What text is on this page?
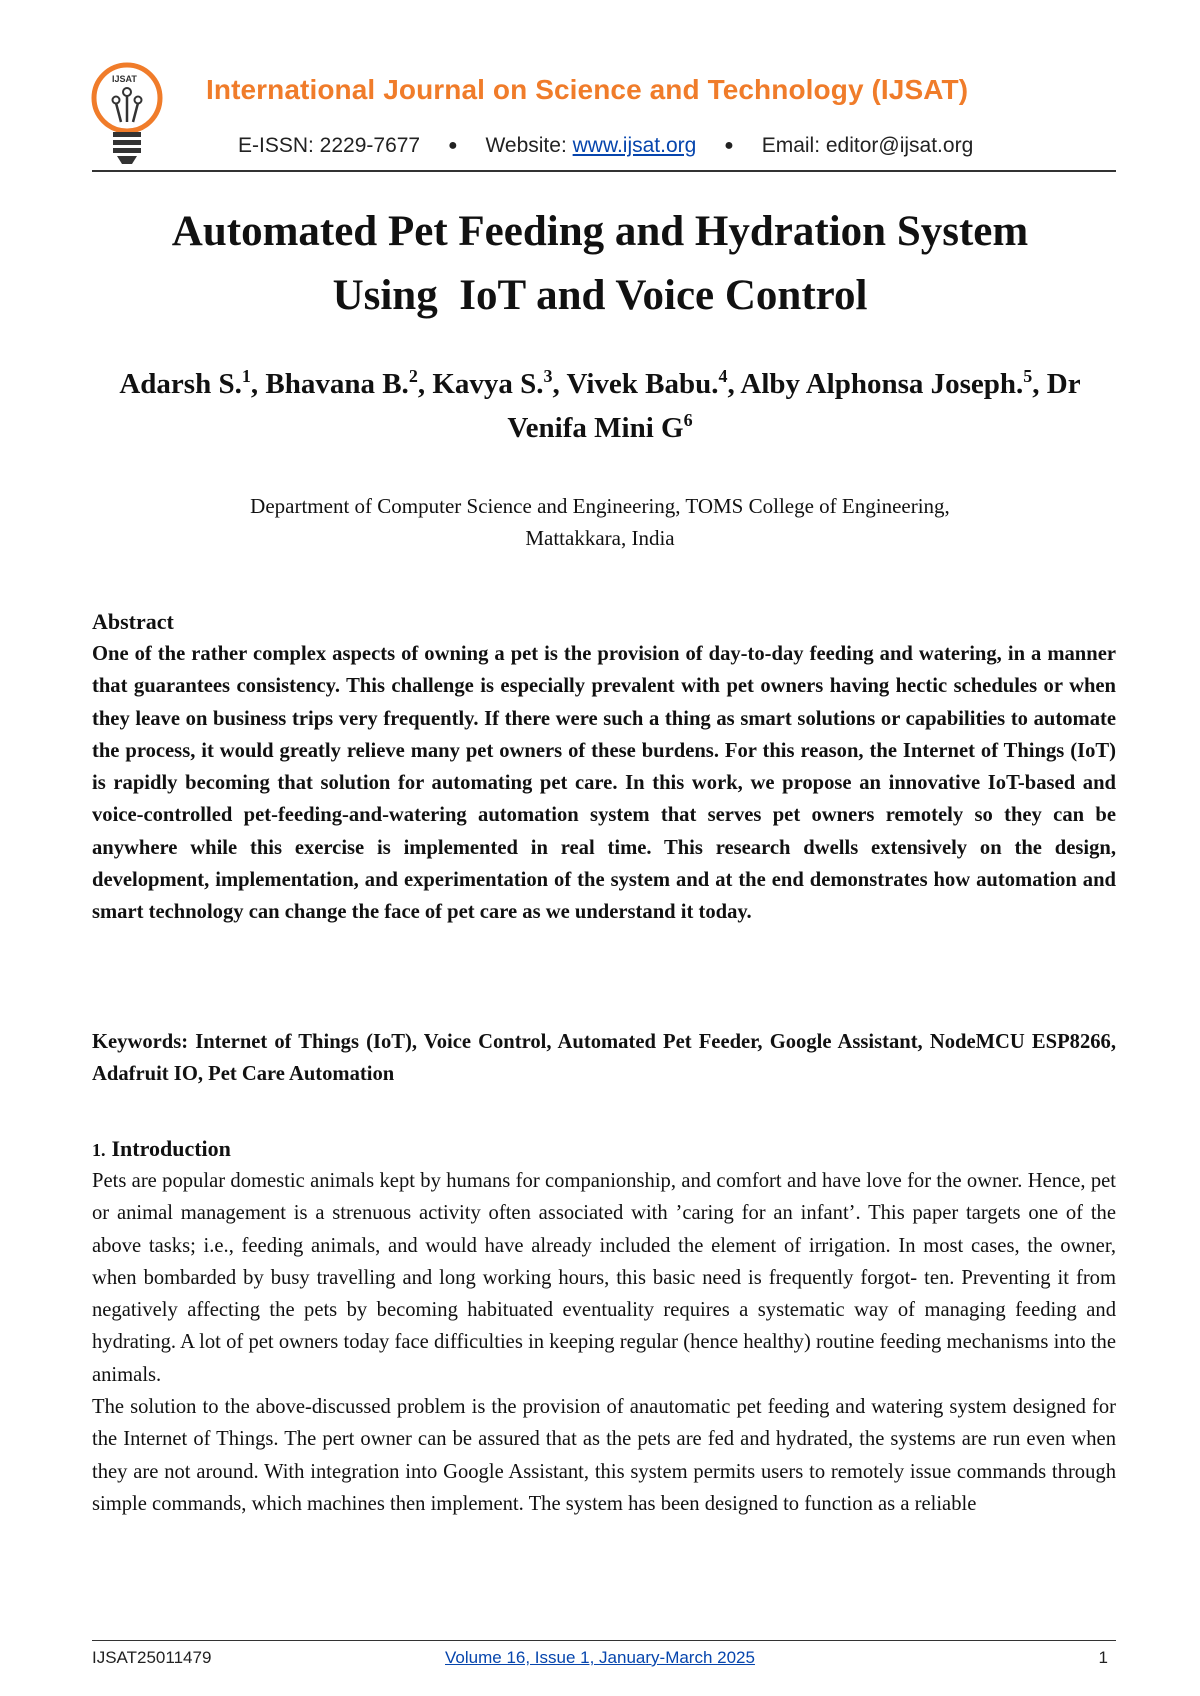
IJSAT International Journal on Science and Technology (IJSAT)
E-ISSN: 2229-7677 ● Website: www.ijsat.org ● Email: editor@ijsat.org
Automated Pet Feeding and Hydration System
Using  IoT and Voice Control
Adarsh S.$^1$, Bhavana B.$^2$, Kavya S.$^3$, Vivek Babu.$^4$, Alby Alphonsa Joseph.$^5$, Dr Venifa Mini $G^6$
Department of Computer Science and Engineering, TOMS College of Engineering,
Mattakkara, India
Abstract
One of the rather complex aspects of owning a pet is the provision of day-to-day feeding and watering, in a manner that guarantees consistency. This challenge is especially prevalent with pet owners having hectic schedules or when they leave on business trips very frequently. If there were such a thing as smart solutions or capabilities to automate the process, it would greatly relieve many pet owners of these burdens. For this reason, the Internet of Things (IoT) is rapidly becoming that solution for automating pet care. In this work, we propose an innovative IoT-based and voice-controlled pet-feeding-and-watering automation system that serves pet owners remotely so they can be anywhere while this exercise is implemented in real time. This research dwells extensively on the design, development, implementation, and experimentation of the system and at the end demonstrates how automation and smart technology can change the face of pet care as we understand it today.
Keywords: Internet of Things (IoT), Voice Control, Automated Pet Feeder, Google Assistant, NodeMCU ESP8266, Adafruit IO, Pet Care Automation
1. Introduction

Pets are popular domestic animals kept by humans for companionship, and comfort and have love for the owner. Hence, pet or animal management is a strenuous activity often associated with ’caring for an infant’. This paper targets one of the above tasks; i.e., feeding animals, and would have already included the element of irrigation. In most cases, the owner, when bombarded by busy travelling and long working hours, this basic need is frequently forgot- ten. Preventing it from negatively affecting the pets by becoming habituated eventuality requires a systematic way of managing feeding and hydrating. A lot of pet owners today face difficulties in keeping regular (hence healthy) routine feeding mechanisms into the animals.

The solution to the above-discussed problem is the provision of anautomatic pet feeding and watering system designed for the Internet of Things. The pert owner can be assured that as the pets are fed and hydrated, the systems are run even when they are not around. With integration into Google Assistant, this system permits users to remotely issue commands through simple commands, which machines then implement. The system has been designed to function as a reliable

IJSAT25011479	Volume 16, Issue 1, January-March 2025	1
